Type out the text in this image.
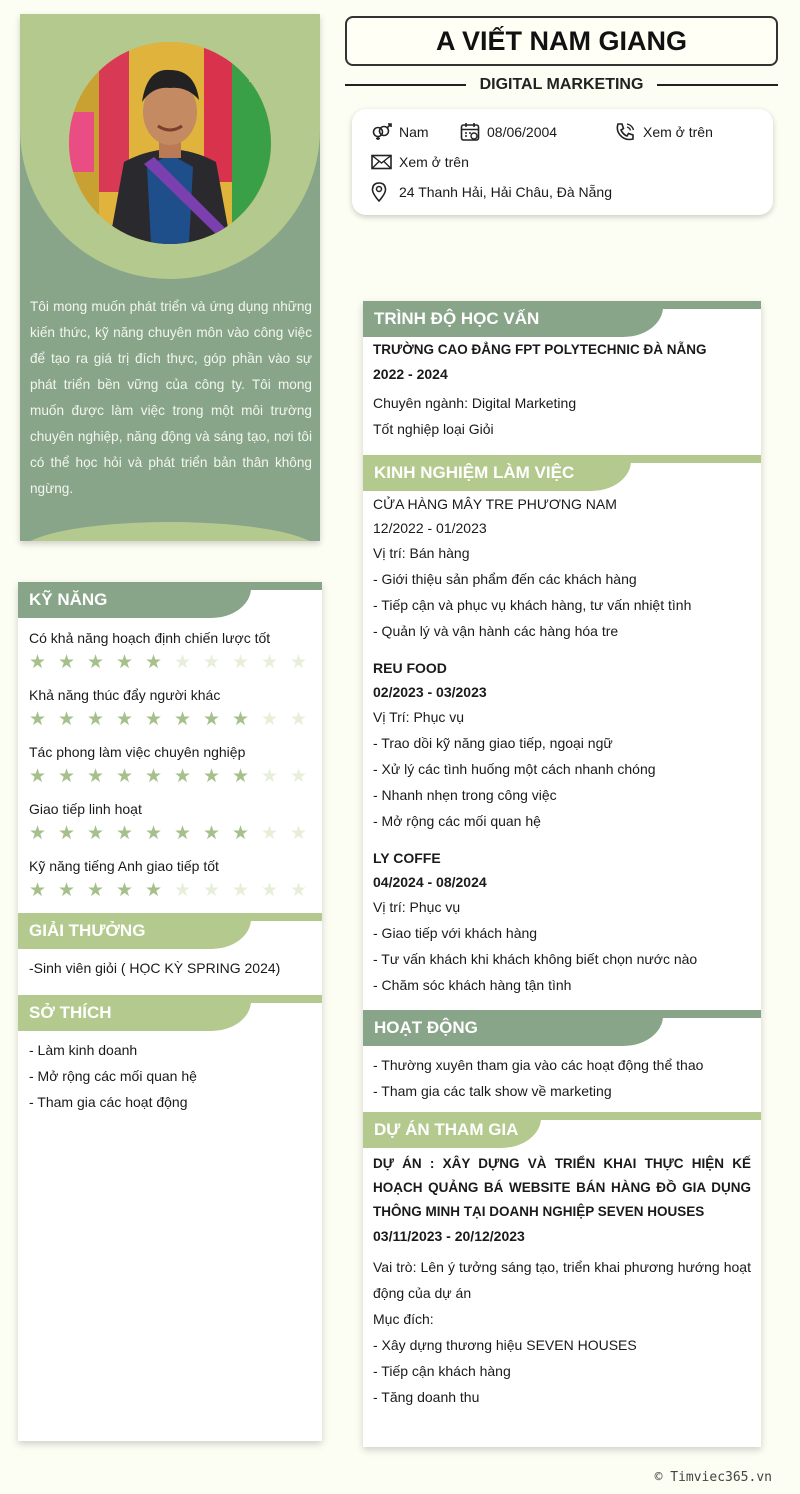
Tôi mong muốn phát triển và ứng dụng những kiến thức, kỹ năng chuyên môn vào công việc để tạo ra giá trị đích thực, góp phần vào sự phát triển bền vững của công ty. Tôi mong muốn được làm việc trong một môi trường chuyên nghiệp, năng động và sáng tạo, nơi tôi có thể học hỏi và phát triển bản thân không ngừng.
KỸ NĂNG
Có khả năng hoạch định chiến lược tốt
★ ★ ★ ★ ★ ★ ★ ★ ★ ★
Khả năng thúc đẩy người khác
★ ★ ★ ★ ★ ★ ★ ★ ★ ★
Tác phong làm việc chuyên nghiệp
★ ★ ★ ★ ★ ★ ★ ★ ★ ★
Giao tiếp linh hoạt
★ ★ ★ ★ ★ ★ ★ ★ ★ ★
Kỹ năng tiếng Anh giao tiếp tốt
★ ★ ★ ★ ★ ★ ★ ★ ★ ★
GIẢI THƯỞNG
-Sinh viên giỏi ( HỌC KỲ SPRING 2024)
SỞ THÍCH
- Làm kinh doanh
- Mở rộng các mối quan hệ
- Tham gia các hoạt động
A VIẾT NAM GIANG
DIGITAL MARKETING
Nam	08/06/2004	Xem ở trên
Xem ở trên
24 Thanh Hải, Hải Châu, Đà Nẵng
TRÌNH ĐỘ HỌC VẤN
TRƯỜNG CAO ĐẲNG FPT POLYTECHNIC ĐÀ NẴNG
2022 - 2024
Chuyên ngành: Digital Marketing
Tốt nghiệp loại Giỏi
KINH NGHIỆM LÀM VIỆC
CỬA HÀNG MÂY TRE PHƯƠNG NAM
12/2022 - 01/2023
Vị trí: Bán hàng
- Giới thiệu sản phẩm đến các khách hàng
- Tiếp cận và phục vụ khách hàng, tư vấn nhiệt tình
- Quản lý và vận hành các hàng hóa tre
REU FOOD
02/2023 - 03/2023
Vị Trí: Phục vụ
- Trao dồi kỹ năng giao tiếp, ngoại ngữ
- Xử lý các tình huống một cách nhanh chóng
- Nhanh nhẹn trong công việc
- Mở rộng các mối quan hệ
LY COFFE
04/2024 - 08/2024
Vị trí: Phục vụ
- Giao tiếp với khách hàng
- Tư vấn khách khi khách không biết chọn nước nào
- Chăm sóc khách hàng tận tình
HOẠT ĐỘNG
- Thường xuyên tham gia vào các hoạt động thể thao
- Tham gia các talk show về marketing
DỰ ÁN THAM GIA
DỰ ÁN : XÂY DỰNG VÀ TRIỂN KHAI THỰC HIỆN KẾ HOẠCH QUẢNG BÁ WEBSITE BÁN HÀNG ĐỒ GIA DỤNG THÔNG MINH TẠI DOANH NGHIỆP SEVEN HOUSES
03/11/2023 - 20/12/2023
Vai trò: Lên ý tưởng sáng tạo, triển khai phương hướng hoạt động của dự án
Mục đích:
- Xây dựng thương hiệu SEVEN HOUSES
- Tiếp cận khách hàng
- Tăng doanh thu
© Timviec365.vn
